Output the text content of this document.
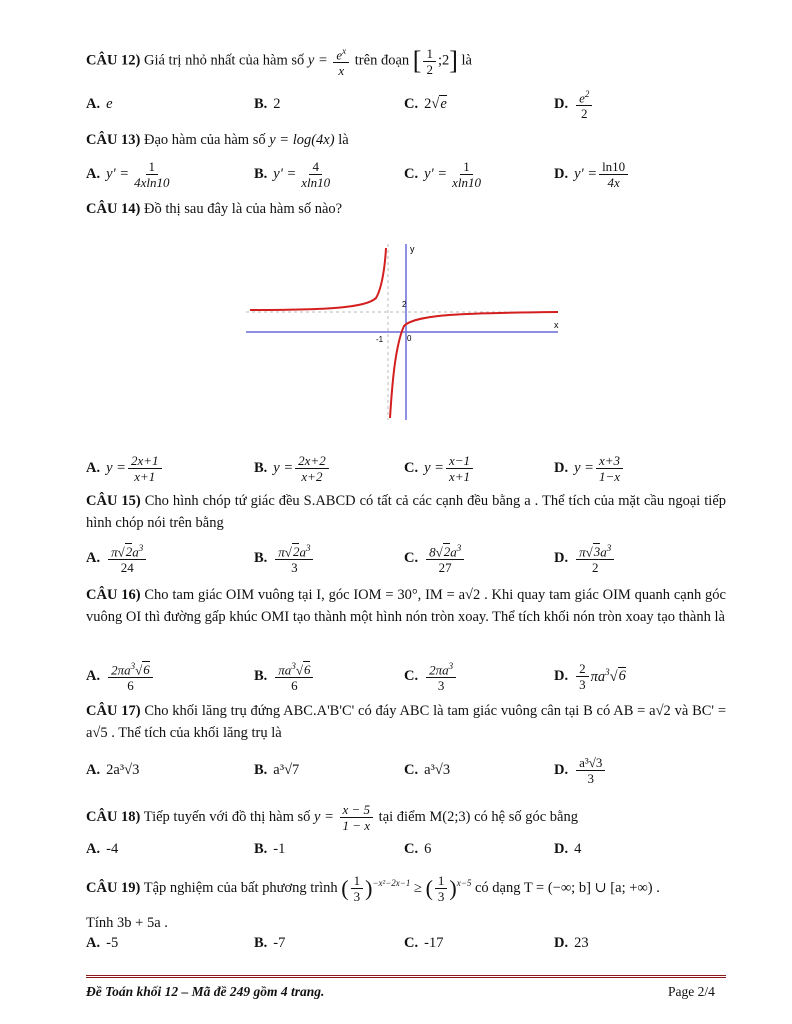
CÂU 12) Giá trị nhỏ nhất của hàm số $y = \frac{e^x}{x}$ trên đoạn [ $\frac{1}{2}$ ;2] là
A. e	B. 2	C. 2 √ e	D. $\frac{e^2}{2}$
CÂU 13) Đạo hàm của hàm số y = log(4x) là
A. $y' = \frac{1}{4xln10}$	B. $y' = \frac{4}{xln10}$	C. $y' = \frac{1}{xln10}$	D. $y' = \frac{\ln 10}{4x}$
CÂU 14) Đồ thị sau đây là của hàm số nào?
y
x
2
-1	0
A. $y = \frac{2x+1}{x+1}$	B. $y = \frac{2x+2}{x+2}$	C. $y = \frac{x-1}{x+1}$	D. $y = \frac{x+3}{1-x}$
CÂU 15) Cho hình chóp tứ giác đều S.ABCD có tất cả các cạnh đều bằng a . Thể tích của mặt cầu ngoại tiếp hình chóp nói trên bằng
A. $\frac{\pi√2a^3}{24}$	B. $\frac{\pi√2a^3}{3}$	C. $\frac{8√2a^3}{27}$	D. $\frac{\pi√3a^3}{2}$
CÂU 16) Cho tam giác OIM vuông tại I, góc IOM = 30°, IM = a√2 . Khi quay tam giác OIM quanh cạnh góc vuông OI thì đường gấp khúc OMI tạo thành một hình nón tròn xoay. Thể tích khối nón tròn xoay tạo thành là
A. $\frac{2\pi a^3√6}{6}$	B. $\frac{\pi a^3√6}{6}$	C. $\frac{2\pi a^3}{3}$	D. $\frac{2}{3} \pi a^3√6$
CÂU 17) Cho khối lăng trụ đứng ABC.A'B'C' có đáy ABC là tam giác vuông cân tại B có AB = a√2 và BC' = a√5 . Thể tích của khối lăng trụ là
A. 2a³√3	B. a³√7	C. a³√3	D. $\frac{\text{a³√3}}{3}$
CÂU 18) Tiếp tuyến với đồ thị hàm số $y = \frac{x - 5}{1 - x}$ tại điểm M(2;3) có hệ số góc bằng
A. -4	B. -1	C. 6	D. 4
CÂU 19) Tập nghiệm của bất phương trình ( $\frac{1}{3} )^{-x^2-2x-1}$ ≥ ( $\frac{1}{3} )^{x-5}$ có dạng T = (−∞; b] ∪ [a; +∞) .
Tính 3b + 5a .
A. -5	B. -7	C. -17	D. 23
Đề Toán khối 12 – Mã đề 249 gồm 4 trang.	Page 2/4
